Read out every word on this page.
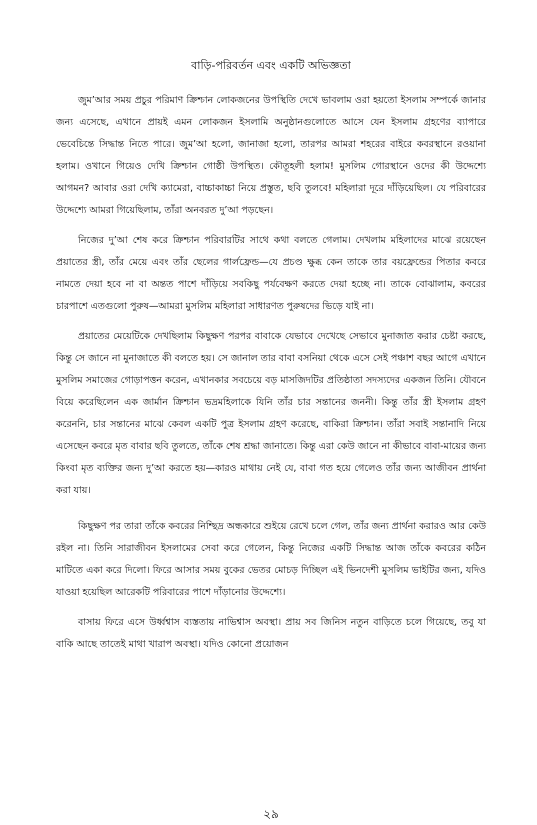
বাড়ি-পরিবর্তন এবং একটি অভিজ্ঞতা

জুম’আর সময় প্রচুর পরিমাণ ক্রিশ্চান লোকজনের উপস্থিতি দেখে ভাবলাম ওরা হয়তো ইসলাম সম্পর্কে জানার জন্য এসেছে, এখানে প্রায়ই এমন লোকজন ইসলামি অনুষ্ঠানগুলোতে আসে যেন ইসলাম গ্রহণের ব্যাপারে ভেবেচিন্তে সিদ্ধান্ত নিতে পারে। জুম’আ হলো, জানাজা হলো, তারপর আমরা শহরের বাইরে কবরস্থানে রওয়ানা হলাম। ওখানে গিয়েও দেখি ক্রিশ্চান গোষ্ঠী উপস্থিত। কৌতূহলী হলাম! মুসলিম গোরস্থানে ওদের কী উদ্দেশ্যে আগমন? আবার ওরা দেখি ক্যামেরা, বাচ্চাকাচ্চা নিয়ে প্রস্তুত, ছবি তুলবে! মহিলারা দূরে দাঁড়িয়েছিল। যে পরিবারের উদ্দেশ্যে আমরা গিয়েছিলাম, তাঁরা অনবরত দু’আ পড়ছেন।

নিজের দু’আ শেষ করে ক্রিশ্চান পরিবারটির সাথে কথা বলতে গেলাম। দেখলাম মহিলাদের মাঝে রয়েছেন প্রয়াতের স্ত্রী, তাঁর মেয়ে এবং তাঁর ছেলের গার্লফ্রেন্ড—যে প্রচণ্ড ক্ষুব্ধ কেন তাকে তার বয়ফ্রেন্ডের পিতার কবরে নামতে দেয়া হবে না বা অন্তত পাশে দাঁড়িয়ে সবকিছু পর্যবেক্ষণ করতে দেয়া হচ্ছে না। তাকে বোঝালাম, কবরের চারপাশে এতগুলো পুরুষ—আমরা মুসলিম মহিলারা সাধারণত পুরুষদের ভিড়ে যাই না।

প্রয়াতের মেয়েটিকে দেখছিলাম কিছুক্ষণ পরপর বাবাকে যেভাবে দেখেছে সেভাবে মুনাজাত করার চেষ্টা করছে, কিন্তু সে জানে না মুনাজাতে কী বলতে হয়। সে জানাল তার বাবা বসনিয়া থেকে এসে সেই পঞ্চাশ বছর আগে এখানে মুসলিম সমাজের গোড়াপত্তন করেন, এখানকার সবচেয়ে বড় মাসজিদটির প্রতিষ্ঠাতা সদস্যদের একজন তিনি। যৌবনে বিয়ে করেছিলেন এক জার্মান ক্রিশ্চান ভদ্রমহিলাকে যিনি তাঁর চার সন্তানের জননী। কিন্তু তাঁর স্ত্রী ইসলাম গ্রহণ করেননি, চার সন্তানের মাঝে কেবল একটি পুত্র ইসলাম গ্রহণ করেছে, বাকিরা ক্রিশ্চান। তাঁরা সবাই সন্তানাদি নিয়ে এসেছেন কবরে মৃত বাবার ছবি তুলতে, তাঁকে শেষ শ্রদ্ধা জানাতে। কিন্তু এরা কেউ জানে না কীভাবে বাবা-মায়ের জন্য কিংবা মৃত ব্যক্তির জন্য দু’আ করতে হয়—কারও মাথায় নেই যে, বাবা গত হয়ে গেলেও তাঁর জন্য আজীবন প্রার্থনা করা যায়।

কিছুক্ষণ পর তারা তাঁকে কবরের নিশ্ছিদ্র অন্ধকারে শুইয়ে রেখে চলে গেল, তাঁর জন্য প্রার্থনা করারও আর কেউ রইল না। তিনি সারাজীবন ইসলামের সেবা করে গেলেন, কিন্তু নিজের একটি সিদ্ধান্ত আজ তাঁকে কবরের কঠিন মাটিতে একা করে দিলো। ফিরে আসার সময় বুকের ভেতর মোচড় দিচ্ছিল এই ভিনদেশী মুসলিম ভাইটির জন্য, যদিও যাওয়া হয়েছিল আরেকটি পরিবারের পাশে দাঁড়ানোর উদ্দেশ্যে।

বাসায় ফিরে এসে উর্ধ্বশ্বাস ব্যস্ততায় নাভিশ্বাস অবস্থা। প্রায় সব জিনিস নতুন বাড়িতে চলে গিয়েছে, তবু যা বাকি আছে তাতেই মাথা খারাপ অবস্থা। যদিও কোনো প্রয়োজন

২৯
